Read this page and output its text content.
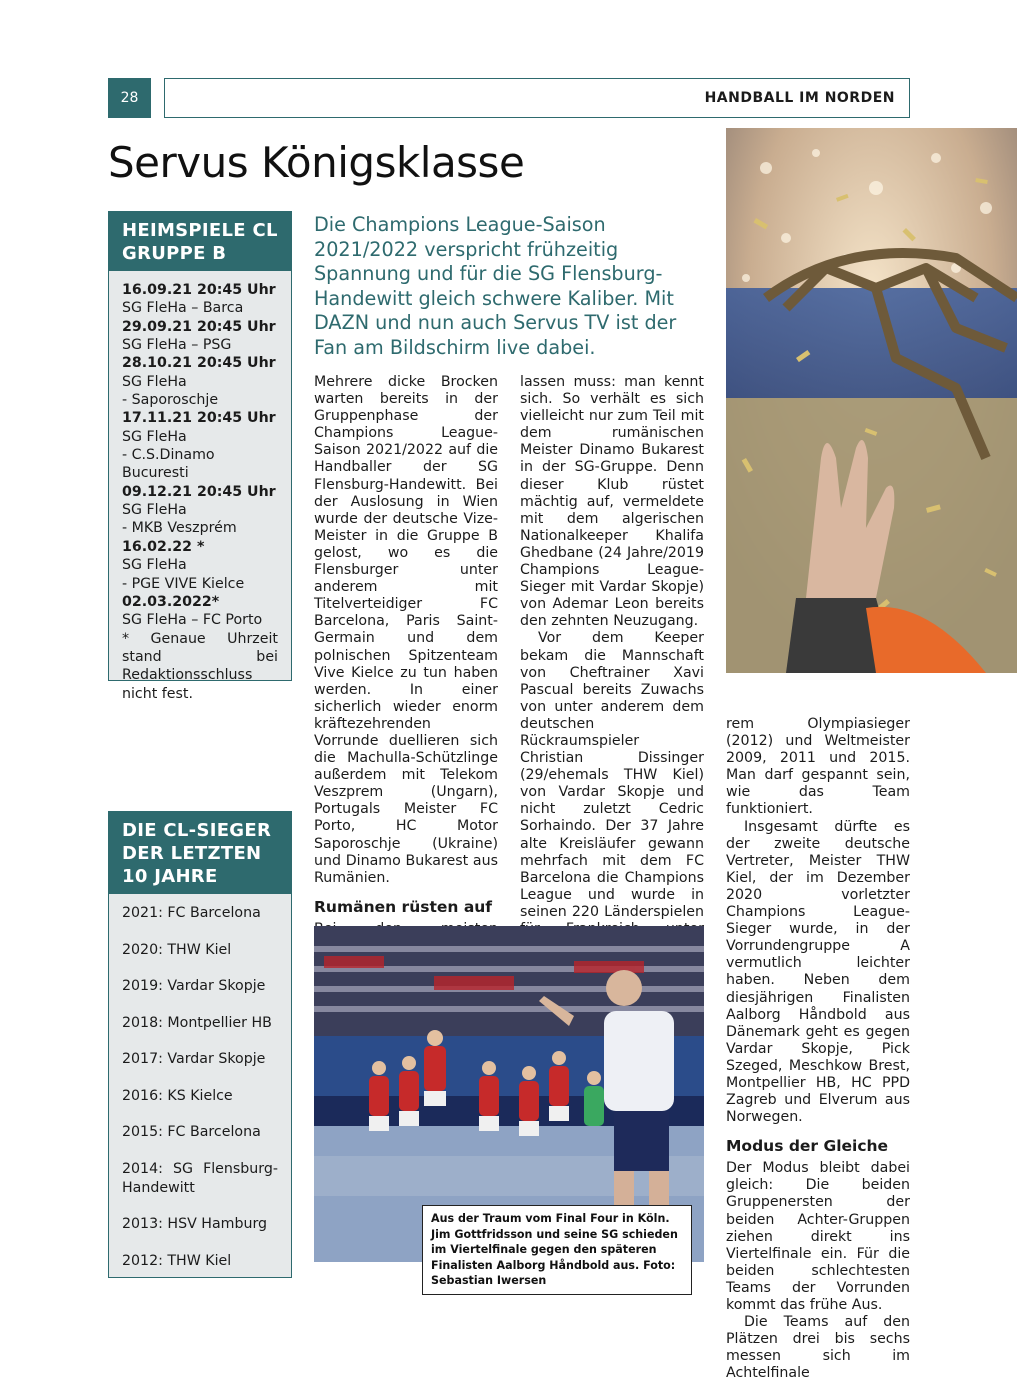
28	HANDBALL IM NORDEN
Servus Königsklasse
HEIMSPIELE CL GRUPPE B
16.09.21 20:45 Uhr
SG FleHa – Barca
29.09.21 20:45 Uhr
SG FleHa – PSG
28.10.21 20:45 Uhr
SG FleHa
- Saporoschje
17.11.21 20:45 Uhr
SG FleHa
- C.S.Dinamo Bucuresti
09.12.21 20:45 Uhr
SG FleHa
- MKB Veszprém
16.02.22 *
SG FleHa
- PGE VIVE Kielce
02.03.2022*
SG FleHa – FC Porto
* Genaue Uhrzeit stand bei Redaktionsschluss nicht fest.
DIE CL-SIEGER DER LETZTEN 10 JAHRE
2021: FC Barcelona
2020: THW Kiel
2019: Vardar Skopje
2018: Montpellier HB
2017: Vardar Skopje
2016: KS Kielce
2015: FC Barcelona
2014: SG Flensburg-Handewitt
2013: HSV Hamburg
2012: THW Kiel
Die Champions League-Saison 2021/2022 verspricht frühzeitig Spannung und für die SG Flensburg-Handewitt gleich schwere Kaliber. Mit DAZN und nun auch Servus TV ist der Fan am Bildschirm live dabei.

Mehrere dicke Brocken warten bereits in der Gruppenphase der Champions League-Saison 2021/2022 auf die Handballer der SG Flensburg-Handewitt. Bei der Auslosung in Wien wurde der deutsche Vize-Meister in die Gruppe B gelost, wo es die Flensburger unter anderem mit Titelverteidiger FC Barcelona, Paris Saint-Germain und dem polnischen Spitzenteam Vive Kielce zu tun haben werden. In einer sicherlich wieder enorm kräftezehrenden Vorrunde duellieren sich die Machulla-Schützlinge außerdem mit Telekom Veszprem (Ungarn), Portugals Meister FC Porto, HC Motor Saporoschje (Ukraine) und Dinamo Bukarest aus Rumänien.

Rumänen rüsten auf

lassen muss: man kennt sich. So verhält es sich vielleicht nur zum Teil mit dem rumänischen Meister Dinamo Bukarest in der SG-Gruppe. Denn dieser Klub rüstet mächtig auf, vermeldete mit dem algerischen Nationalkeeper Khalifa Ghedbane (24 Jahre/2019 Champions League-Sieger mit Vardar Skopje) von Ademar Leon bereits den zehnten Neuzugang.

Vor dem Keeper bekam die Mannschaft von Cheftrainer Xavi Pascual bereits Zuwachs von unter anderem dem deutschen Rückraumspieler Christian Dissinger (29/ehemals THW Kiel) von Vardar Skopje und nicht zuletzt Cedric Sorhaindo. Der 37 Jahre alte Kreisläufer gewann mehrfach mit dem FC Barcelona die Champions League und wurde in seinen 220 Länderspielen

rem Olympiasieger (2012) und Weltmeister 2009, 2011 und 2015. Man darf gespannt sein, wie das Team funktioniert.

Insgesamt dürfte es der zweite deutsche Vertreter, Meister THW Kiel, der im Dezember 2020 vorletzter Champions League-Sieger wurde, in der Vorrundengruppe A vermutlich leichter haben. Neben dem diesjährigen Finalisten Aalborg Håndbold aus Dänemark geht es gegen Vardar Skopje, Pick Szeged, Meschkow Brest, Montpellier HB, HC PPD Zagreb und Elverum aus Norwegen.

Modus der Gleiche

Der Modus bleibt dabei gleich: Die beiden Gruppenersten der beiden Achter-Gruppen ziehen direkt ins Viertelfinale ein. Für die beiden schlechtesten Teams der Vorrunden kommt das frühe Aus.

Die Teams auf den Plätzen drei bis sechs messen sich im Achtelfinale

Aus der Traum vom Final Four in Köln. Jim Gottfridsson und seine SG schieden im Viertelfinale gegen den späteren Finalisten Aalborg Håndbold aus. Foto: Sebastian Iwersen
